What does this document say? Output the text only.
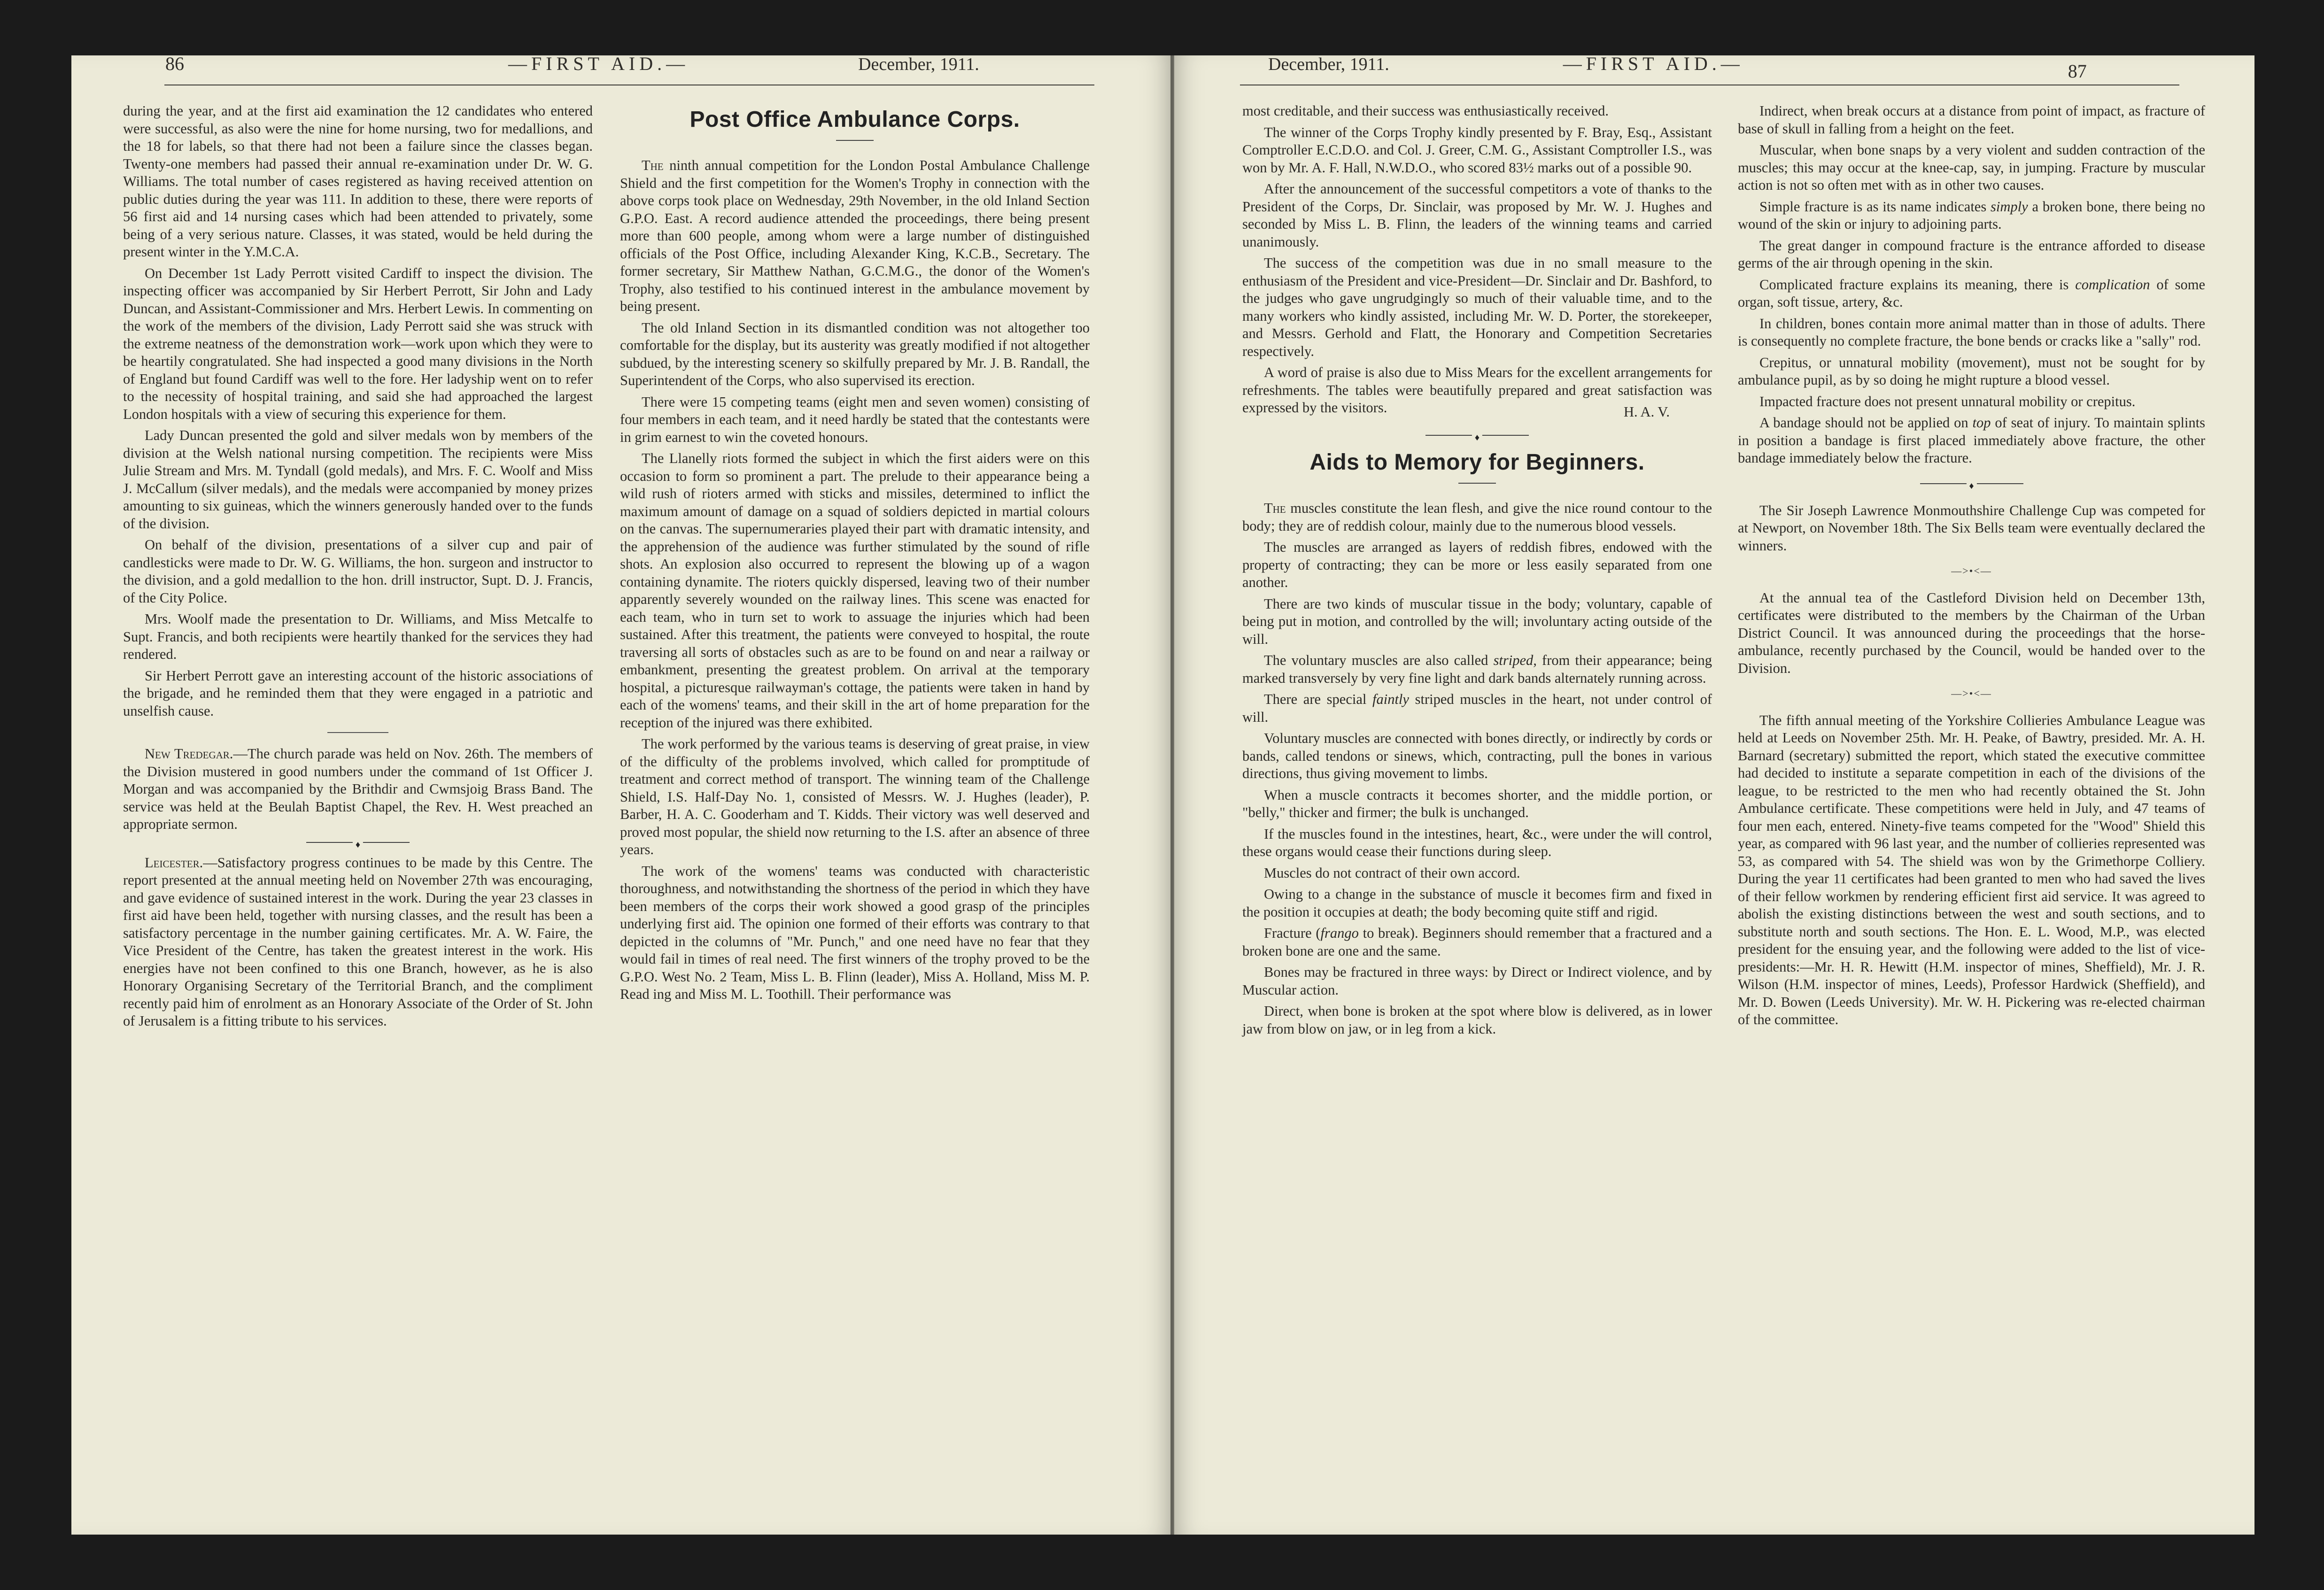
86	—FIRST AID.—	December, 1911.

during the year, and at the first aid examination the 12 candidates who entered were successful, as also were the nine for home nursing, two for medallions, and the 18 for labels, so that there had not been a failure since the classes began. Twenty-one members had passed their annual re-examination under Dr. W. G. Williams. The total number of cases registered as having received attention on public duties during the year was 111. In addition to these, there were reports of 56 first aid and 14 nursing cases which had been attended to privately, some being of a very serious nature. Classes, it was stated, would be held during the present winter in the Y.M.C.A.

On December 1st Lady Perrott visited Cardiff to inspect the division. The inspecting officer was accompanied by Sir Herbert Perrott, Sir John and Lady Duncan, and Assistant-Commissioner and Mrs. Herbert Lewis. In commenting on the work of the members of the division, Lady Perrott said she was struck with the extreme neatness of the demonstration work—work upon which they were to be heartily congratulated. She had inspected a good many divisions in the North of England but found Cardiff was well to the fore. Her ladyship went on to refer to the necessity of hospital training, and said she had approached the largest London hospitals with a view of securing this experience for them.

Lady Duncan presented the gold and silver medals won by members of the division at the Welsh national nursing competition. The recipients were Miss Julie Stream and Mrs. M. Tyndall (gold medals), and Mrs. F. C. Woolf and Miss J. McCallum (silver medals), and the medals were accompanied by money prizes amounting to six guineas, which the winners generously handed over to the funds of the division.

On behalf of the division, presentations of a silver cup and pair of candlesticks were made to Dr. W. G. Williams, the hon. surgeon and instructor to the division, and a gold medallion to the hon. drill instructor, Supt. D. J. Francis, of the City Police.

Mrs. Woolf made the presentation to Dr. Williams, and Miss Metcalfe to Supt. Francis, and both recipients were heartily thanked for the services they had rendered.

Sir Herbert Perrott gave an interesting account of the historic associations of the brigade, and he reminded them that they were engaged in a patriotic and unselfish cause.

New Tredegar.—The church parade was held on Nov. 26th. The members of the Division mustered in good numbers under the command of 1st Officer J. Morgan and was accompanied by the Brithdir and Cwmsjoig Brass Band. The service was held at the Beulah Baptist Chapel, the Rev. H. West preached an appropriate sermon.

♦

Leicester.—Satisfactory progress continues to be made by this Centre. The report presented at the annual meeting held on November 27th was encouraging, and gave evidence of sustained interest in the work. During the year 23 classes in first aid have been held, together with nursing classes, and the result has been a satisfactory percentage in the number gaining certificates. Mr. A. W. Faire, the Vice President of the Centre, has taken the greatest interest in the work. His energies have not been confined to this one Branch, however, as he is also Honorary Organising Secretary of the Territorial Branch, and the compliment recently paid him of enrolment as an Honorary Associate of the Order of St. John of Jerusalem is a fitting tribute to his services.

Post Office Ambulance Corps.

The ninth annual competition for the London Postal Ambulance Challenge Shield and the first competition for the Women's Trophy in connection with the above corps took place on Wednesday, 29th November, in the old Inland Section G.P.O. East. A record audience attended the proceedings, there being present more than 600 people, among whom were a large number of distinguished officials of the Post Office, including Alexander King, K.C.B., Secretary. The former secretary, Sir Matthew Nathan, G.C.M.G., the donor of the Women's Trophy, also testified to his continued interest in the ambulance movement by being present.

The old Inland Section in its dismantled condition was not altogether too comfortable for the display, but its austerity was greatly modified if not altogether subdued, by the interesting scenery so skilfully prepared by Mr. J. B. Randall, the Superintendent of the Corps, who also supervised its erection.

There were 15 competing teams (eight men and seven women) consisting of four members in each team, and it need hardly be stated that the contestants were in grim earnest to win the coveted honours.

The Llanelly riots formed the subject in which the first aiders were on this occasion to form so prominent a part. The prelude to their appearance being a wild rush of rioters armed with sticks and missiles, determined to inflict the maximum amount of damage on a squad of soldiers depicted in martial colours on the canvas. The supernumeraries played their part with dramatic intensity, and the apprehension of the audience was further stimulated by the sound of rifle shots. An explosion also occurred to represent the blowing up of a wagon containing dynamite. The rioters quickly dispersed, leaving two of their number apparently severely wounded on the railway lines. This scene was enacted for each team, who in turn set to work to assuage the injuries which had been sustained. After this treatment, the patients were conveyed to hospital, the route traversing all sorts of obstacles such as are to be found on and near a railway or embankment, presenting the greatest problem. On arrival at the temporary hospital, a picturesque railwayman's cottage, the patients were taken in hand by each of the womens' teams, and their skill in the art of home preparation for the reception of the injured was there exhibited.

The work performed by the various teams is deserving of great praise, in view of the difficulty of the problems involved, which called for promptitude of treatment and correct method of transport. The winning team of the Challenge Shield, I.S. Half-Day No. 1, consisted of Messrs. W. J. Hughes (leader), P. Barber, H. A. C. Gooderham and T. Kidds. Their victory was well deserved and proved most popular, the shield now returning to the I.S. after an absence of three years.

The work of the womens' teams was conducted with characteristic thoroughness, and notwithstanding the shortness of the period in which they have been members of the corps their work showed a good grasp of the principles underlying first aid. The opinion one formed of their efforts was contrary to that depicted in the columns of "Mr. Punch," and one need have no fear that they would fail in times of real need. The first winners of the trophy proved to be the G.P.O. West No. 2 Team, Miss L. B. Flinn (leader), Miss A. Holland, Miss M. P. Read ing and Miss M. L. Toothill. Their performance was

December, 1911.	—FIRST AID.—	87

most creditable, and their success was enthusiastically received.

The winner of the Corps Trophy kindly presented by F. Bray, Esq., Assistant Comptroller E.C.D.O. and Col. J. Greer, C.M. G., Assistant Comptroller I.S., was won by Mr. A. F. Hall, N.W.D.O., who scored 83½ marks out of a possible 90.

After the announcement of the successful competitors a vote of thanks to the President of the Corps, Dr. Sinclair, was proposed by Mr. W. J. Hughes and seconded by Miss L. B. Flinn, the leaders of the winning teams and carried unanimously.

The success of the competition was due in no small measure to the enthusiasm of the President and vice-President—Dr. Sinclair and Dr. Bashford, to the judges who gave ungrudgingly so much of their valuable time, and to the many workers who kindly assisted, including Mr. W. D. Porter, the storekeeper, and Messrs. Gerhold and Flatt, the Honorary and Competition Secretaries respectively.

A word of praise is also due to Miss Mears for the excellent arrangements for refreshments. The tables were beautifully prepared and great satisfaction was expressed by the visitors.	H. A. V.
♦
Aids to Memory for Beginners.

The muscles constitute the lean flesh, and give the nice round contour to the body; they are of reddish colour, mainly due to the numerous blood vessels.

The muscles are arranged as layers of reddish fibres, endowed with the property of contracting; they can be more or less easily separated from one another.

There are two kinds of muscular tissue in the body; voluntary, capable of being put in motion, and controlled by the will; involuntary acting outside of the will.

The voluntary muscles are also called striped, from their appearance; being marked transversely by very fine light and dark bands alternately running across.

There are special faintly striped muscles in the heart, not under control of will.

Voluntary muscles are connected with bones directly, or indirectly by cords or bands, called tendons or sinews, which, contracting, pull the bones in various directions, thus giving movement to limbs.

When a muscle contracts it becomes shorter, and the middle portion, or "belly," thicker and firmer; the bulk is unchanged.

If the muscles found in the intestines, heart, &c., were under the will control, these organs would cease their functions during sleep.

Muscles do not contract of their own accord.

Owing to a change in the substance of muscle it becomes firm and fixed in the position it occupies at death; the body becoming quite stiff and rigid.

Fracture (frango to break). Beginners should remember that a fractured and a broken bone are one and the same.

Bones may be fractured in three ways: by Direct or Indirect violence, and by Muscular action.

Direct, when bone is broken at the spot where blow is delivered, as in lower jaw from blow on jaw, or in leg from a kick.

Indirect, when break occurs at a distance from point of impact, as fracture of base of skull in falling from a height on the feet.

Muscular, when bone snaps by a very violent and sudden contraction of the muscles; this may occur at the knee-cap, say, in jumping. Fracture by muscular action is not so often met with as in other two causes.

Simple fracture is as its name indicates simply a broken bone, there being no wound of the skin or injury to adjoining parts.

The great danger in compound fracture is the entrance afforded to disease germs of the air through opening in the skin.

Complicated fracture explains its meaning, there is complication of some organ, soft tissue, artery, &c.

In children, bones contain more animal matter than in those of adults. There is consequently no complete fracture, the bone bends or cracks like a "sally" rod.

Crepitus, or unnatural mobility (movement), must not be sought for by ambulance pupil, as by so doing he might rupture a blood vessel.

Impacted fracture does not present unnatural mobility or crepitus.

A bandage should not be applied on top of seat of injury. To maintain splints in position a bandage is first placed immediately above fracture, the other bandage immediately below the fracture.

♦

The Sir Joseph Lawrence Monmouthshire Challenge Cup was competed for at Newport, on November 18th. The Six Bells team were eventually declared the winners.

—>•<—

At the annual tea of the Castleford Division held on December 13th, certificates were distributed to the members by the Chairman of the Urban District Council. It was announced during the proceedings that the horse-ambulance, recently purchased by the Council, would be handed over to the Division.

—>•<—

The fifth annual meeting of the Yorkshire Collieries Ambulance League was held at Leeds on November 25th. Mr. H. Peake, of Bawtry, presided. Mr. A. H. Barnard (secretary) submitted the report, which stated the executive committee had decided to institute a separate competition in each of the divisions of the league, to be restricted to the men who had recently obtained the St. John Ambulance certificate. These competitions were held in July, and 47 teams of four men each, entered. Ninety-five teams competed for the "Wood" Shield this year, as compared with 96 last year, and the number of collieries represented was 53, as compared with 54. The shield was won by the Grimethorpe Colliery. During the year 11 certificates had been granted to men who had saved the lives of their fellow workmen by rendering efficient first aid service. It was agreed to abolish the existing distinctions between the west and south sections, and to substitute north and south sections. The Hon. E. L. Wood, M.P., was elected president for the ensuing year, and the following were added to the list of vice-presidents:—Mr. H. R. Hewitt (H.M. inspector of mines, Sheffield), Mr. J. R. Wilson (H.M. inspector of mines, Leeds), Professor Hardwick (Sheffield), and Mr. D. Bowen (Leeds University). Mr. W. H. Pickering was re-elected chairman of the committee.
